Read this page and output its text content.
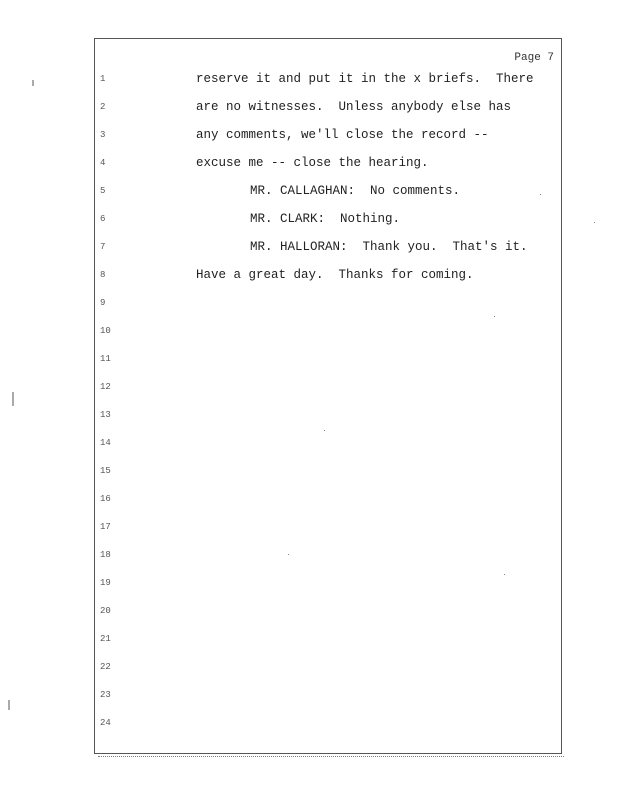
Page 7
1	reserve it and put it in the x briefs.  There
2	are no witnesses.  Unless anybody else has
3	any comments, we'll close the record --
4	excuse me -- close the hearing.
5	MR. CALLAGHAN:  No comments.
6	MR. CLARK:  Nothing.
7	MR. HALLORAN:  Thank you.  That's it.
8	Have a great day.  Thanks for coming.
9
10
11
12
13
14
15
16
17
18
19
20
21
22
23
24
